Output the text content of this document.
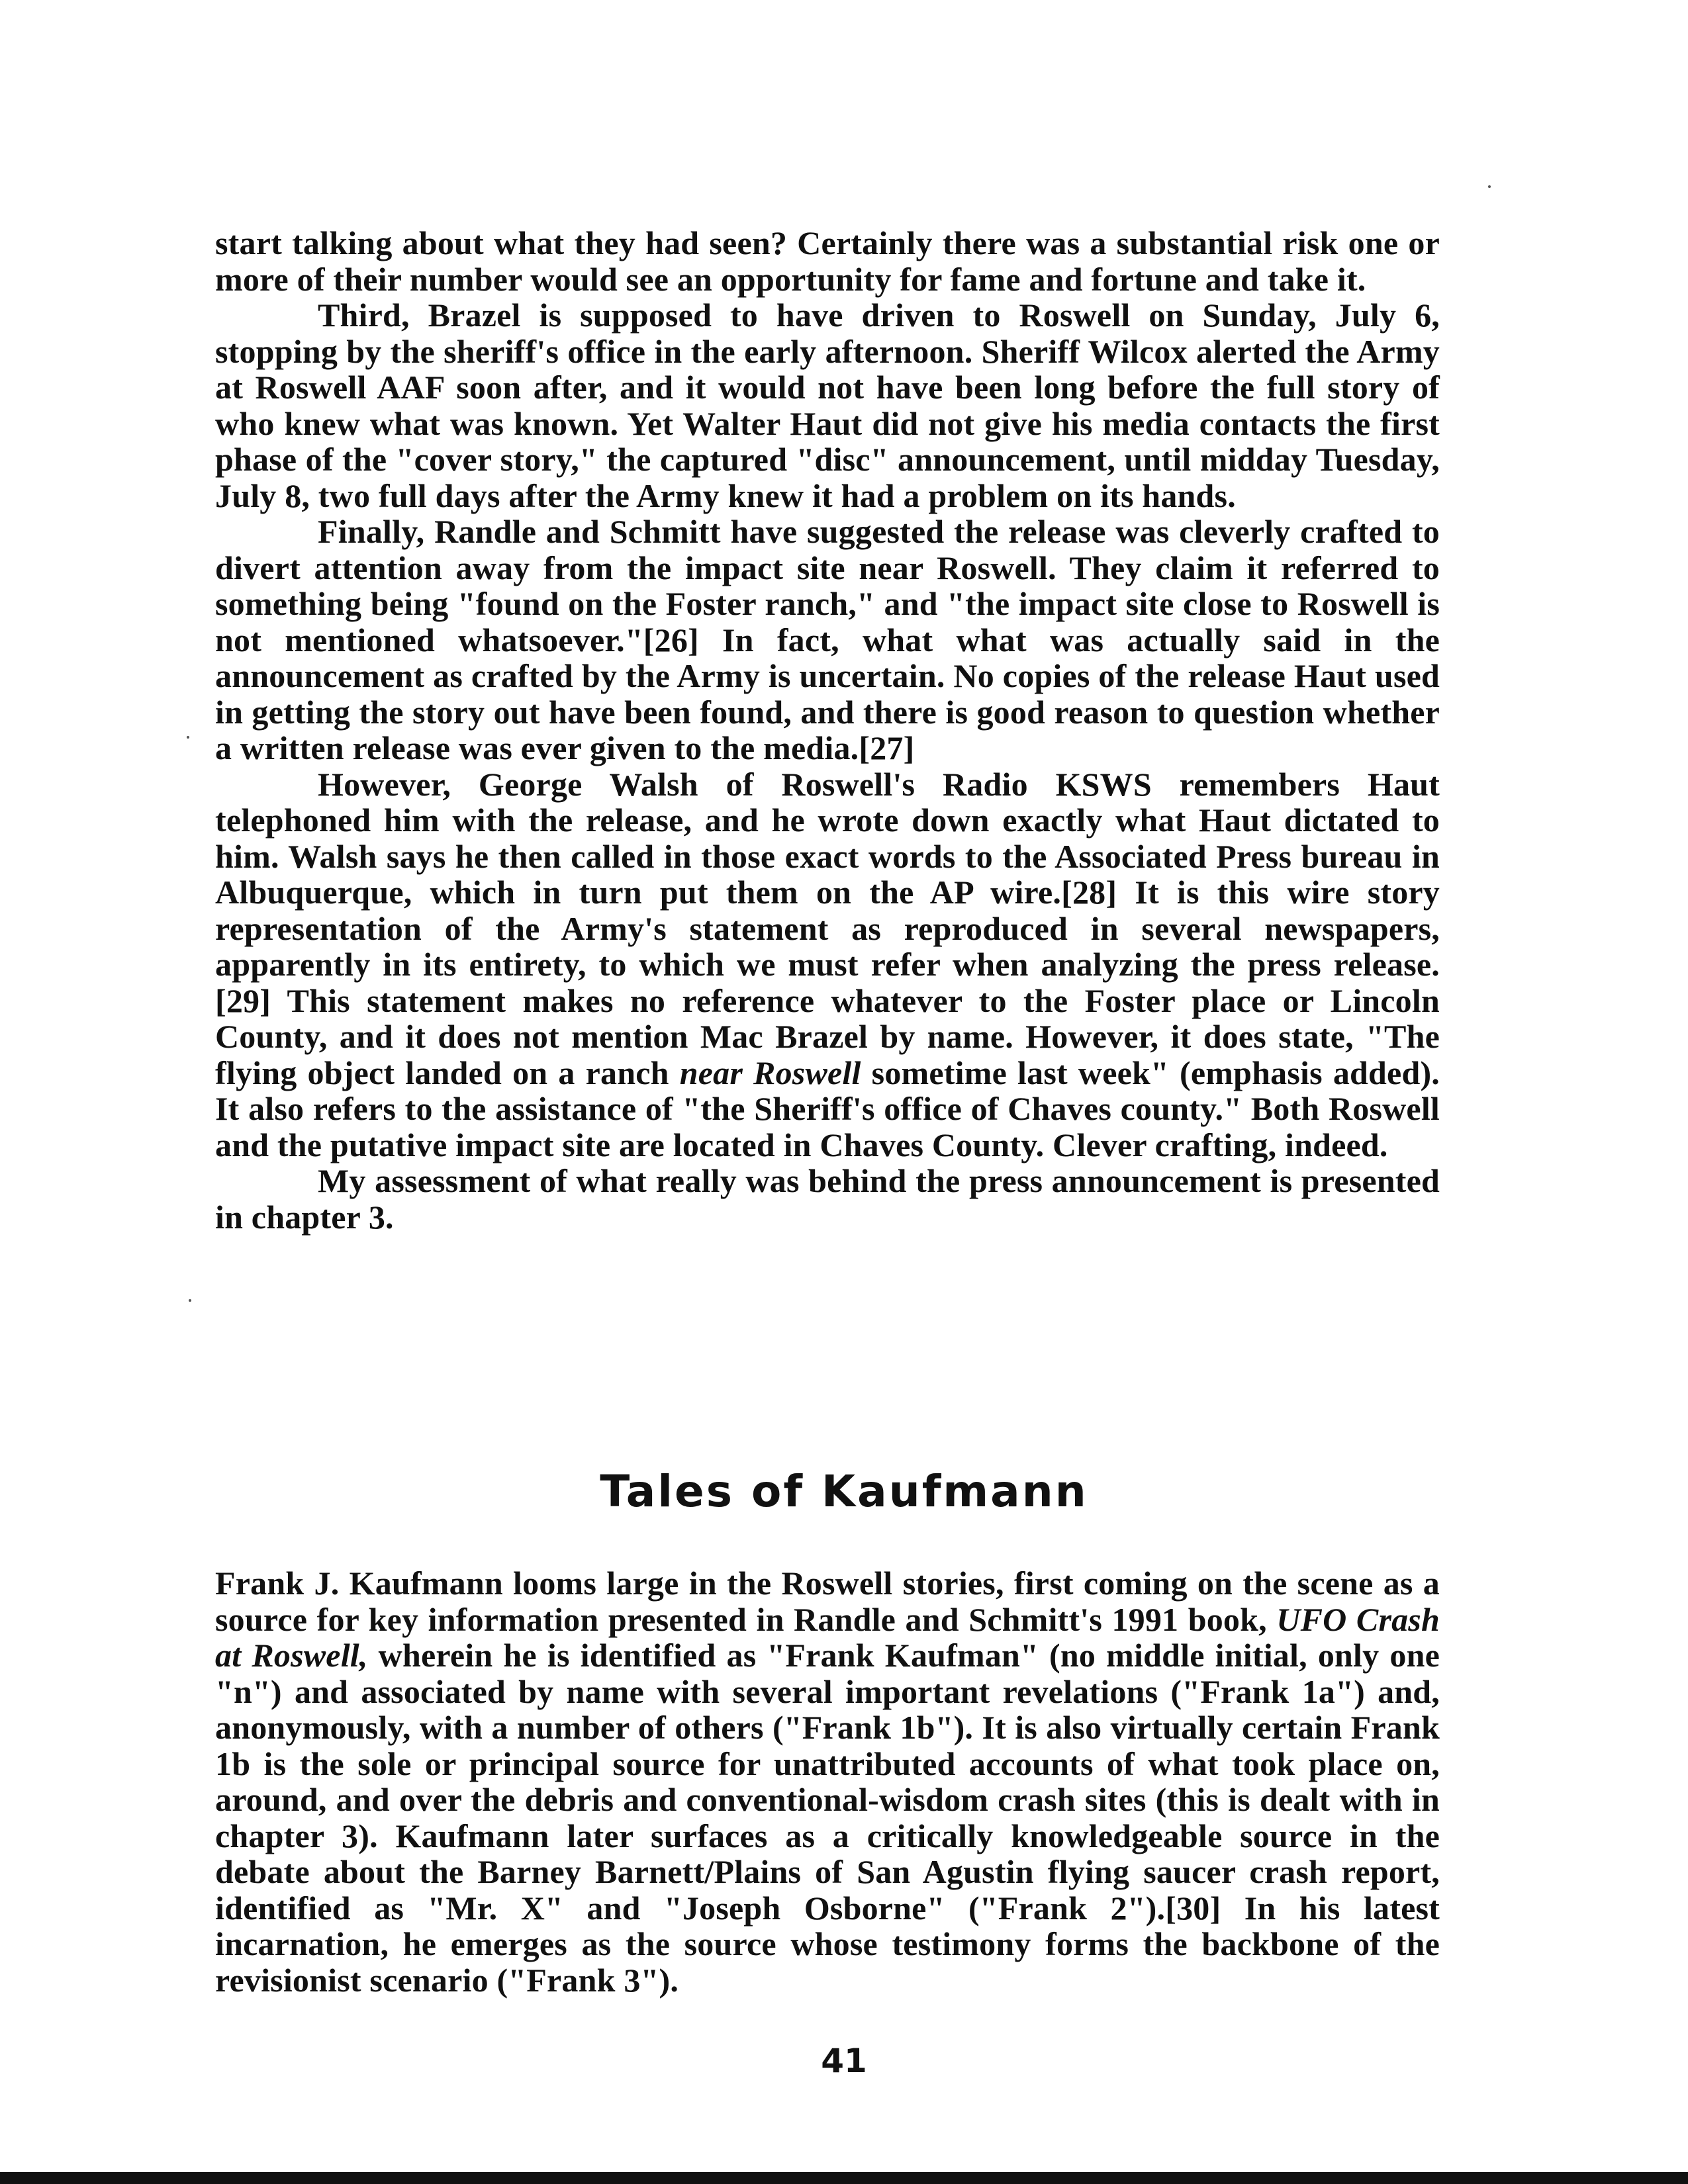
start talking about what they had seen? Certainly there was a substantial risk one or more of their number would see an opportunity for fame and fortune and take it.

Third, Brazel is supposed to have driven to Roswell on Sunday, July 6, stopping by the sheriff's office in the early afternoon. Sheriff Wilcox alerted the Army at Roswell AAF soon after, and it would not have been long before the full story of who knew what was known. Yet Walter Haut did not give his media contacts the first phase of the "cover story," the captured "disc" announcement, until midday Tuesday, July 8, two full days after the Army knew it had a problem on its hands.

Finally, Randle and Schmitt have suggested the release was cleverly crafted to divert attention away from the impact site near Roswell. They claim it referred to something being "found on the Foster ranch," and "the impact site close to Roswell is not mentioned whatsoever."[26] In fact, what what was actually said in the announcement as crafted by the Army is uncertain. No copies of the release Haut used in getting the story out have been found, and there is good reason to question whether a written release was ever given to the media.[27]

However, George Walsh of Roswell's Radio KSWS remembers Haut telephoned him with the release, and he wrote down exactly what Haut dictated to him. Walsh says he then called in those exact words to the Associated Press bureau in Albuquerque, which in turn put them on the AP wire.[28] It is this wire story representation of the Army's statement as reproduced in several newspapers, apparently in its entirety, to which we must refer when analyzing the press release.[29] This statement makes no reference whatever to the Foster place or Lincoln County, and it does not mention Mac Brazel by name. However, it does state, "The flying object landed on a ranch near Roswell sometime last week" (emphasis added). It also refers to the assistance of "the Sheriff's office of Chaves county." Both Roswell and the putative impact site are located in Chaves County. Clever crafting, indeed.

My assessment of what really was behind the press announcement is presented in chapter 3.

Tales of Kaufmann

Frank J. Kaufmann looms large in the Roswell stories, first coming on the scene as a source for key information presented in Randle and Schmitt's 1991 book, UFO Crash at Roswell, wherein he is identified as "Frank Kaufman" (no middle initial, only one "n") and associated by name with several important revelations ("Frank 1a") and, anonymously, with a number of others ("Frank 1b"). It is also virtually certain Frank 1b is the sole or principal source for unattributed accounts of what took place on, around, and over the debris and conventional-wisdom crash sites (this is dealt with in chapter 3). Kaufmann later surfaces as a critically knowledgeable source in the debate about the Barney Barnett/Plains of San Agustin flying saucer crash report, identified as "Mr. X" and "Joseph Osborne" ("Frank 2").[30] In his latest incarnation, he emerges as the source whose testimony forms the backbone of the revisionist scenario ("Frank 3").

41
